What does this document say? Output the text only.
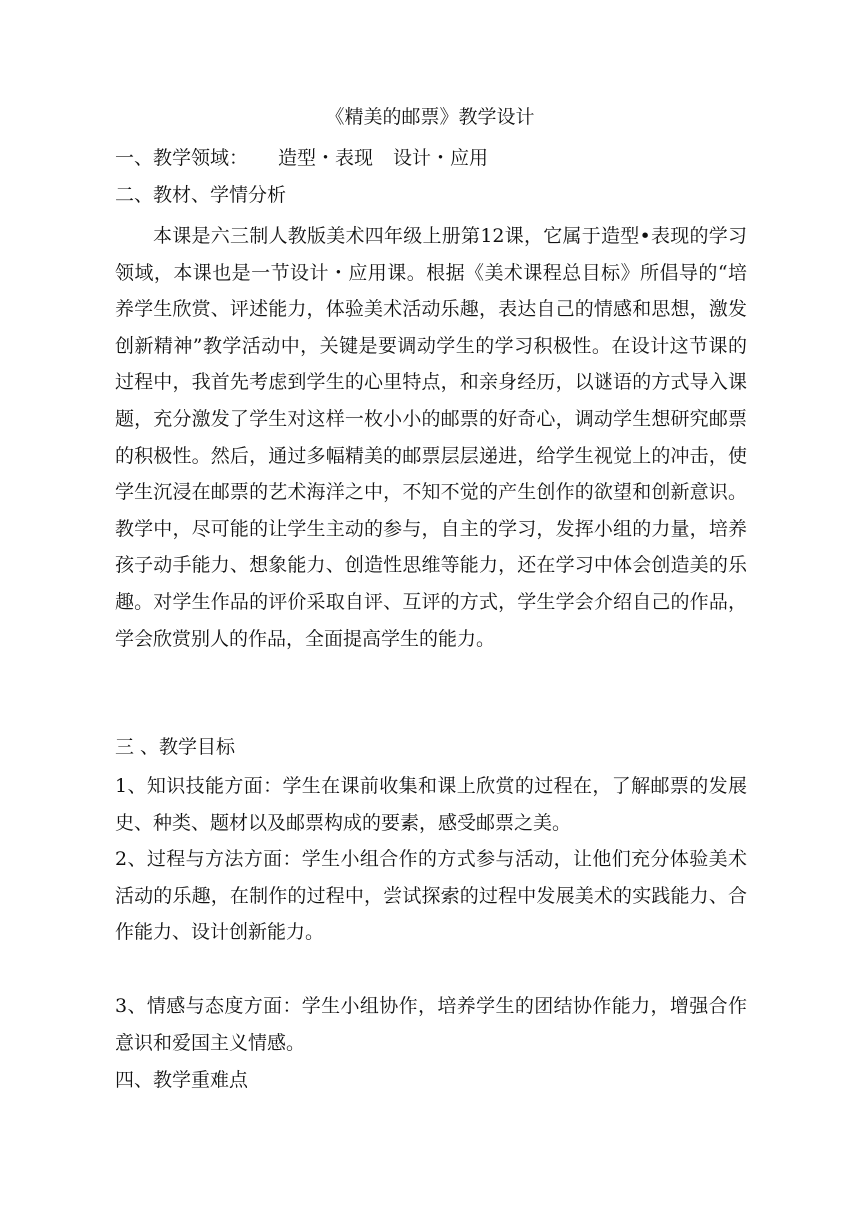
《精美的邮票》教学设计
一、教学领域： 造型・表现 设计・应用
二、教材、学情分析
本课是六三制人教版美术四年级上册第12课，它属于造型•表现的学习领域，本课也是一节设计・应用课。根据《美术课程总目标》所倡导的“培养学生欣赏、评述能力，体验美术活动乐趣，表达自己的情感和思想，激发创新精神”教学活动中，关键是要调动学生的学习积极性。在设计这节课的过程中，我首先考虑到学生的心里特点，和亲身经历，以谜语的方式导入课题，充分激发了学生对这样一枚小小的邮票的好奇心，调动学生想研究邮票的积极性。然后，通过多幅精美的邮票层层递进，给学生视觉上的冲击，使学生沉浸在邮票的艺术海洋之中，不知不觉的产生创作的欲望和创新意识。教学中，尽可能的让学生主动的参与，自主的学习，发挥小组的力量，培养孩子动手能力、想象能力、创造性思维等能力，还在学习中体会创造美的乐趣。对学生作品的评价采取自评、互评的方式，学生学会介绍自己的作品，学会欣赏别人的作品，全面提高学生的能力。
三 、教学目标
1、知识技能方面：学生在课前收集和课上欣赏的过程在，了解邮票的发展史、种类、题材以及邮票构成的要素，感受邮票之美。
2、过程与方法方面：学生小组合作的方式参与活动，让他们充分体验美术活动的乐趣，在制作的过程中，尝试探索的过程中发展美术的实践能力、合作能力、设计创新能力。
3、情感与态度方面：学生小组协作，培养学生的团结协作能力，增强合作意识和爱国主义情感。
四、教学重难点
